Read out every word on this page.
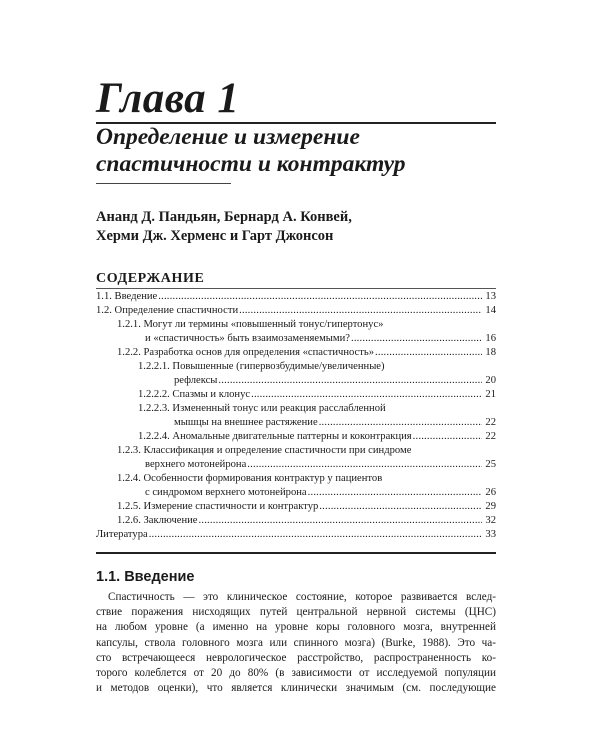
Глава 1
Определение и измерение
спастичности и контрактур
Ананд Д. Пандьян, Бернард А. Конвей,
Херми Дж. Херменс и Гарт Джонсон
СОДЕРЖАНИЕ
1.1. Введение .....	13
1.2. Определение спастичности .....	14
1.2.1. Могут ли термины «повышенный тонус/гипертонус»
и «спастичность» быть взаимозаменяемыми? .....	16
1.2.2. Разработка основ для определения «спастичность» .....	18
1.2.2.1. Повышенные (гипервозбудимые/увеличенные)
рефлексы .....	20
1.2.2.2. Спазмы и клонус .....	21
1.2.2.3. Измененный тонус или реакция расслабленной
мышцы на внешнее растяжение .....	22
1.2.2.4. Аномальные двигательные паттерны и коконтракция .....	22
1.2.3. Классификация и определение спастичности при синдроме
верхнего мотонейрона .....	25
1.2.4. Особенности формирования контрактур у пациентов
с синдромом верхнего мотонейрона .....	26
1.2.5. Измерение спастичности и контрактур .....	29
1.2.6. Заключение .....	32
Литература .....	33
1.1. Введение
Спастичность — это клиническое состояние, которое развивается вслед-
ствие поражения нисходящих путей центральной нервной системы (ЦНС)
на любом уровне (а именно на уровне коры головного мозга, внутренней
капсулы, ствола головного мозга или спинного мозга) (Burke, 1988). Это ча-
сто встречающееся неврологическое расстройство, распространенность ко-
торого колеблется от 20 до 80% (в зависимости от исследуемой популяции
и методов оценки), что является клинически значимым (см. последующие
